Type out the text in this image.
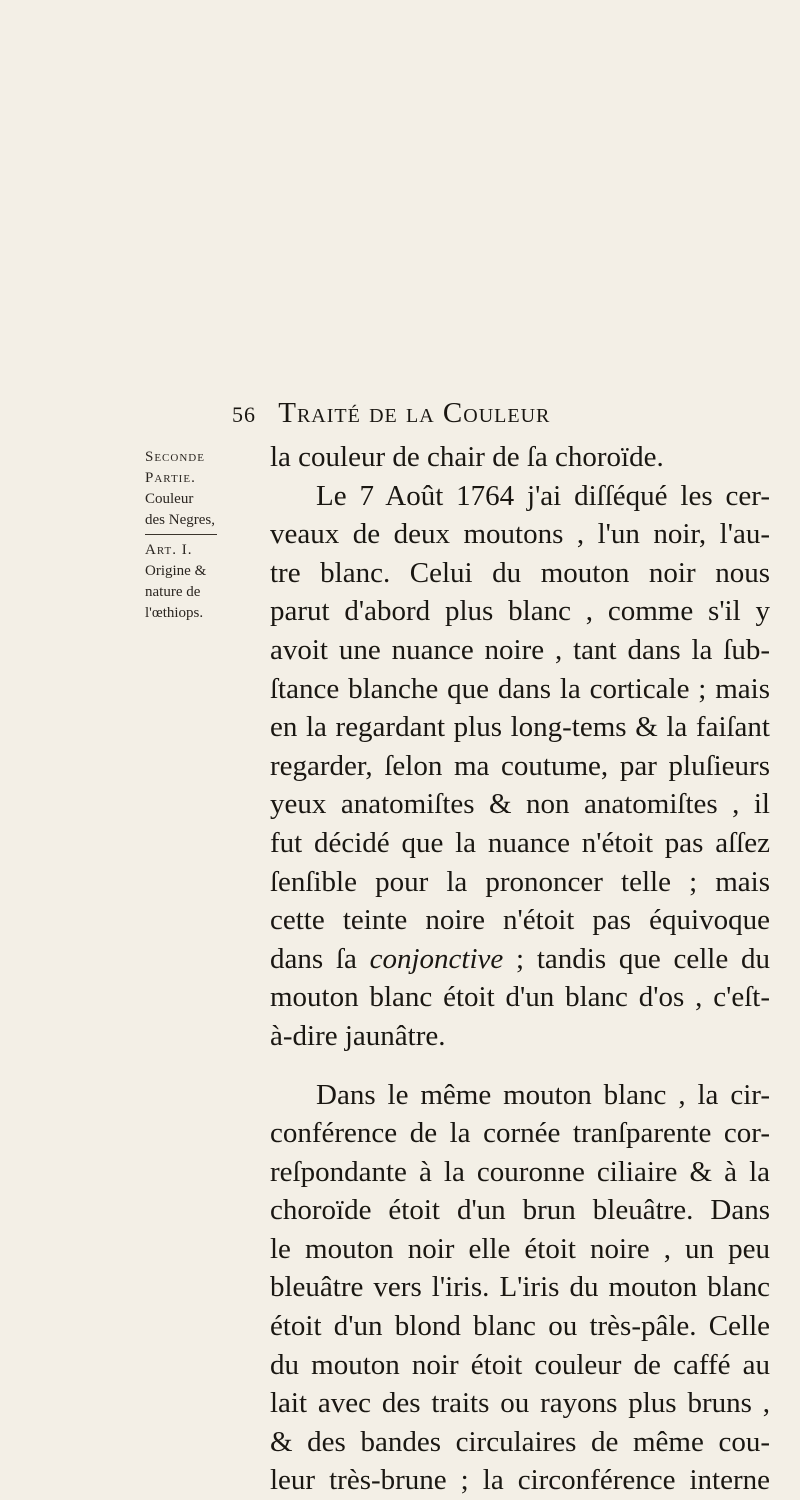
56 Traité de la Couleur
Seconde
Partie.
Couleur
des Negres,
Art. I.
Origine &
nature de
l'œthiops.
la couleur de chair de ſa choroïde.
Le 7 Août 1764 j'ai diſſéqué les cer-
veaux de deux moutons , l'un noir, l'au-
tre blanc. Celui du mouton noir nous
parut d'abord plus blanc , comme s'il y
avoit une nuance noire , tant dans la ſub-
ſtance blanche que dans la corticale ; mais
en la regardant plus long-tems & la faiſant
regarder, ſelon ma coutume, par pluſieurs
yeux anatomiſtes & non anatomiſtes , il
fut décidé que la nuance n'étoit pas aſſez
ſenſible pour la prononcer telle ; mais
cette teinte noire n'étoit pas équivoque
dans ſa conjonctive ; tandis que celle du
mouton blanc étoit d'un blanc d'os , c'eſt-
à-dire jaunâtre.
Dans le même mouton blanc , la cir-
conférence de la cornée tranſparente cor-
reſpondante à la couronne ciliaire & à la
choroïde étoit d'un brun bleuâtre. Dans
le mouton noir elle étoit noire , un peu
bleuâtre vers l'iris. L'iris du mouton blanc
étoit d'un blond blanc ou très-pâle. Celle
du mouton noir étoit couleur de caffé au
lait avec des traits ou rayons plus bruns ,
& des bandes circulaires de même cou-
leur très-brune ; la circonférence interne
